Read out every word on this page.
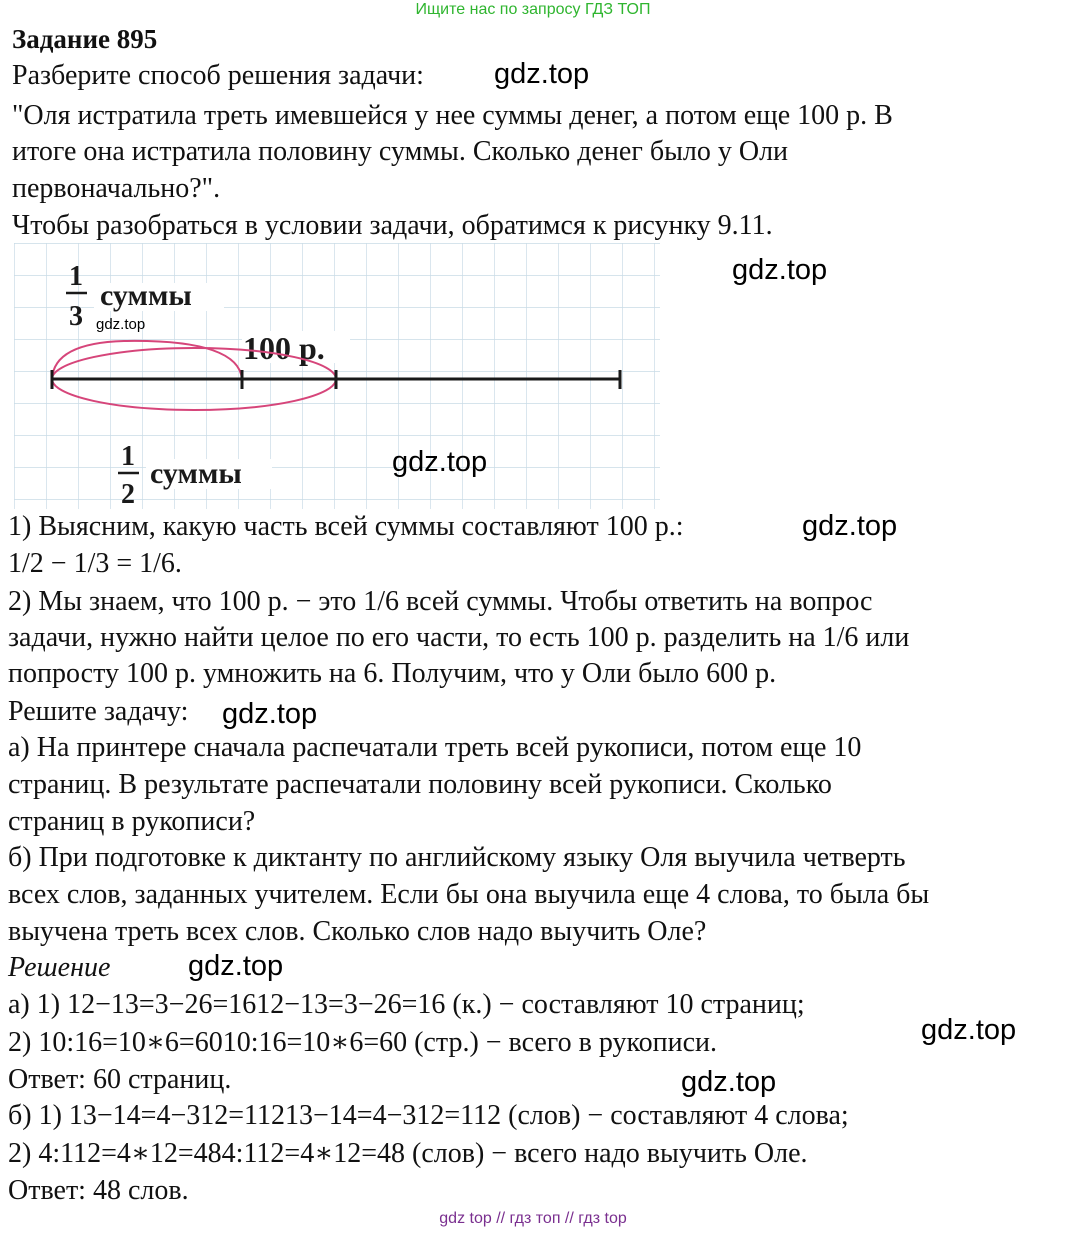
Ищите нас по запросу ГДЗ ТОП
Задание 895
Разберите способ решения задачи:
"Оля истратила треть имевшейся у нее суммы денег, а потом еще 100 р. В
итоге она истратила половину суммы. Сколько денег было у Оли
первоначально?".
Чтобы разобраться в условии задачи, обратимся к рисунку 9.11.
1
3
суммы
100 р.
1
2
суммы
gdz.top
gdz.top
gdz.top
gdz.top
gdz.top
gdz.top
gdz.top
gdz.top
gdz.top
1) Выясним, какую часть всей суммы составляют 100 р.:
1/2 − 1/3 = 1/6.
2) Мы знаем, что 100 р. − это 1/6 всей суммы. Чтобы ответить на вопрос
задачи, нужно найти целое по его части, то есть 100 р. разделить на 1/6 или
попросту 100 р. умножить на 6. Получим, что у Оли было 600 р.
Решите задачу:
а) На принтере сначала распечатали треть всей рукописи, потом еще 10
страниц. В результате распечатали половину всей рукописи. Сколько
страниц в рукописи?
б) При подготовке к диктанту по английскому языку Оля выучила четверть
всех слов, заданных учителем. Если бы она выучила еще 4 слова, то была бы
выучена треть всех слов. Сколько слов надо выучить Оле?
Решение
а) 1) 12−13=3−26=1612−13=3−26=16 (к.) − составляют 10 страниц;
2) 10:16=10∗6=6010:16=10∗6=60 (стр.) − всего в рукописи.
Ответ: 60 страниц.
б) 1) 13−14=4−312=11213−14=4−312=112 (слов) − составляют 4 слова;
2) 4:112=4∗12=484:112=4∗12=48 (слов) − всего надо выучить Оле.
Ответ: 48 слов.
gdz top // гдз топ // гдз top
